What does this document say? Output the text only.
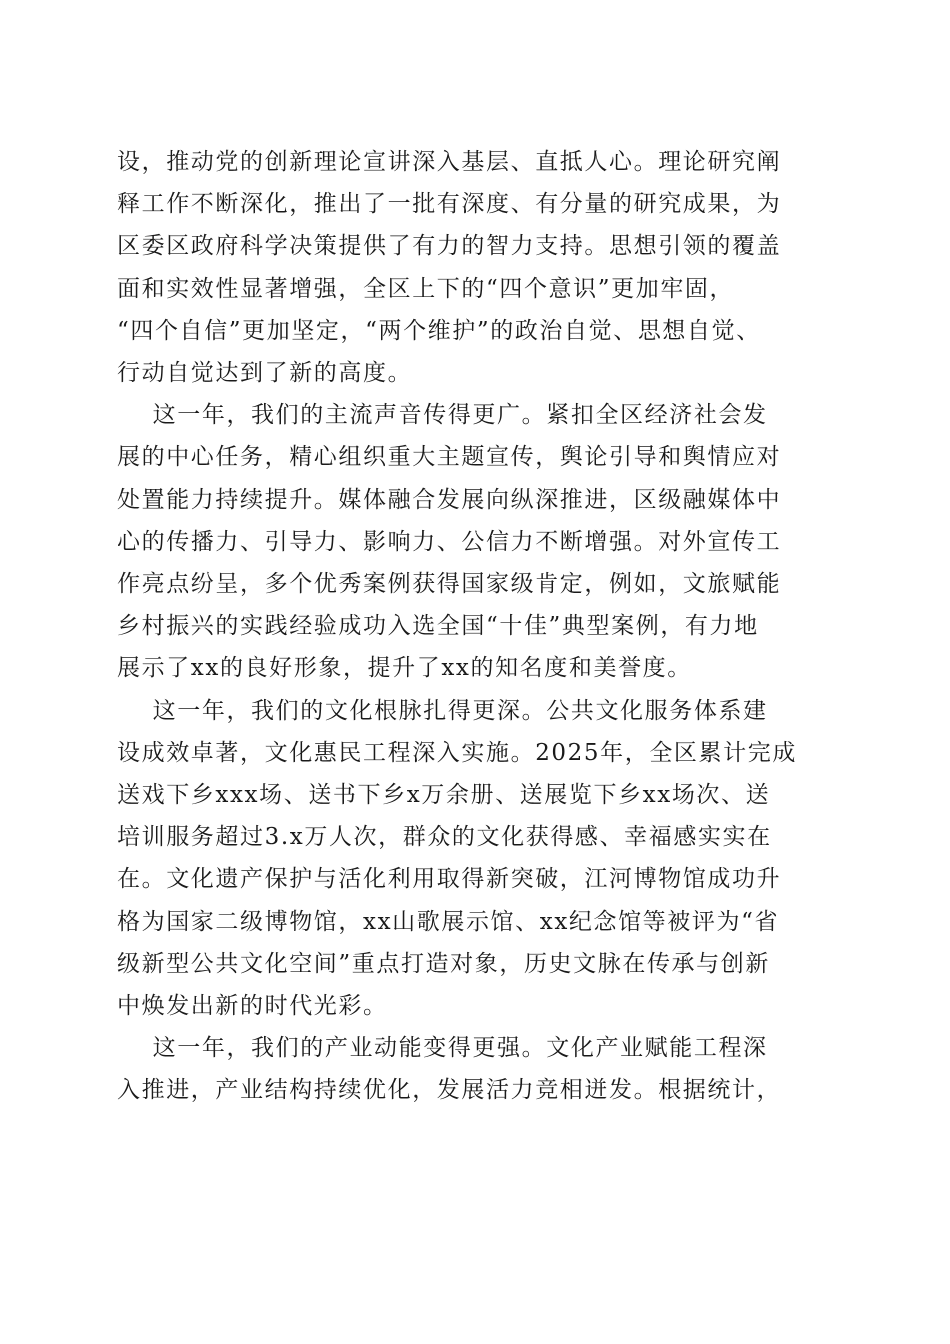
设，推动党的创新理论宣讲深入基层、直抵人心。理论研究阐
释工作不断深化，推出了一批有深度、有分量的研究成果，为
区委区政府科学决策提供了有力的智力支持。思想引领的覆盖
面和实效性显著增强，全区上下的“四个意识”更加牢固，
“四个自信”更加坚定，“两个维护”的政治自觉、思想自觉、
行动自觉达到了新的高度。

这一年，我们的主流声音传得更广。紧扣全区经济社会发
展的中心任务，精心组织重大主题宣传，舆论引导和舆情应对
处置能力持续提升。媒体融合发展向纵深推进，区级融媒体中
心的传播力、引导力、影响力、公信力不断增强。对外宣传工
作亮点纷呈，多个优秀案例获得国家级肯定，例如，文旅赋能
乡村振兴的实践经验成功入选全国“十佳”典型案例，有力地
展示了xx的良好形象，提升了xx的知名度和美誉度。

这一年，我们的文化根脉扎得更深。公共文化服务体系建
设成效卓著，文化惠民工程深入实施。2025年，全区累计完成
送戏下乡xxx场、送书下乡x万余册、送展览下乡xx场次、送
培训服务超过3.x万人次，群众的文化获得感、幸福感实实在
在。文化遗产保护与活化利用取得新突破，江河博物馆成功升
格为国家二级博物馆，xx山歌展示馆、xx纪念馆等被评为“省
级新型公共文化空间”重点打造对象，历史文脉在传承与创新
中焕发出新的时代光彩。

这一年，我们的产业动能变得更强。文化产业赋能工程深
入推进，产业结构持续优化，发展活力竞相迸发。根据统计，
